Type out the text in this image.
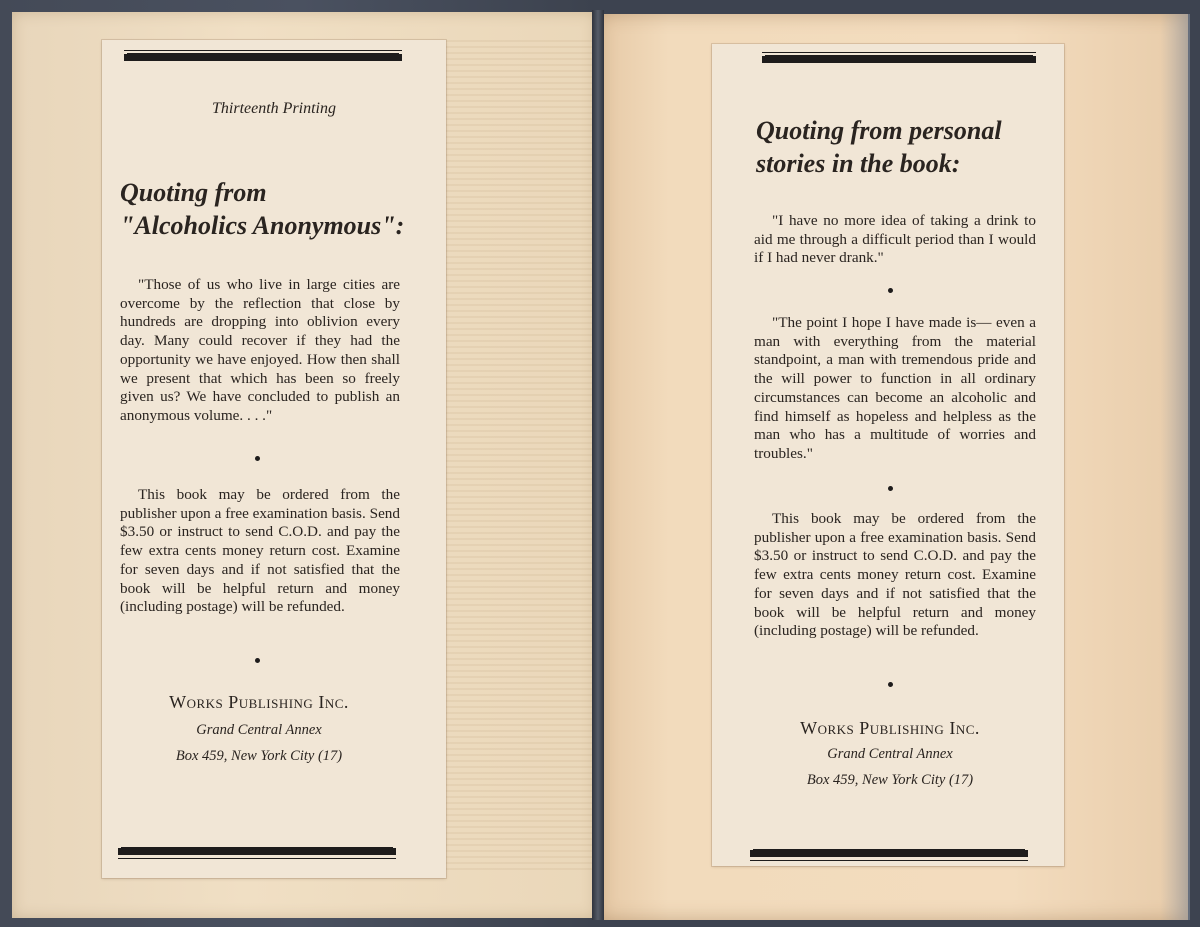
Thirteenth Printing
Quoting from
"Alcoholics Anonymous":
"Those of us who live in large cities are overcome by the reflection that close by hundreds are dropping into oblivion every day. Many could recover if they had the opportunity we have enjoyed. How then shall we present that which has been so freely given us? We have concluded to publish an anonymous volume. . . ."
This book may be ordered from the publisher upon a free examination basis. Send $3.50 or instruct to send C.O.D. and pay the few extra cents money return cost. Examine for seven days and if not satisfied that the book will be helpful return and money (including postage) will be refunded.
Works Publishing Inc.
Grand Central Annex
Box 459, New York City (17)
Quoting from personal
stories in the book:
"I have no more idea of taking a drink to aid me through a difficult period than I would if I had never drank."
"The point I hope I have made is— even a man with everything from the material standpoint, a man with tremendous pride and the will power to function in all ordinary circumstances can become an alcoholic and find himself as hopeless and helpless as the man who has a multitude of worries and troubles."
This book may be ordered from the publisher upon a free examination basis. Send $3.50 or instruct to send C.O.D. and pay the few extra cents money return cost. Examine for seven days and if not satisfied that the book will be helpful return and money (including postage) will be refunded.
Works Publishing Inc.
Grand Central Annex
Box 459, New York City (17)
